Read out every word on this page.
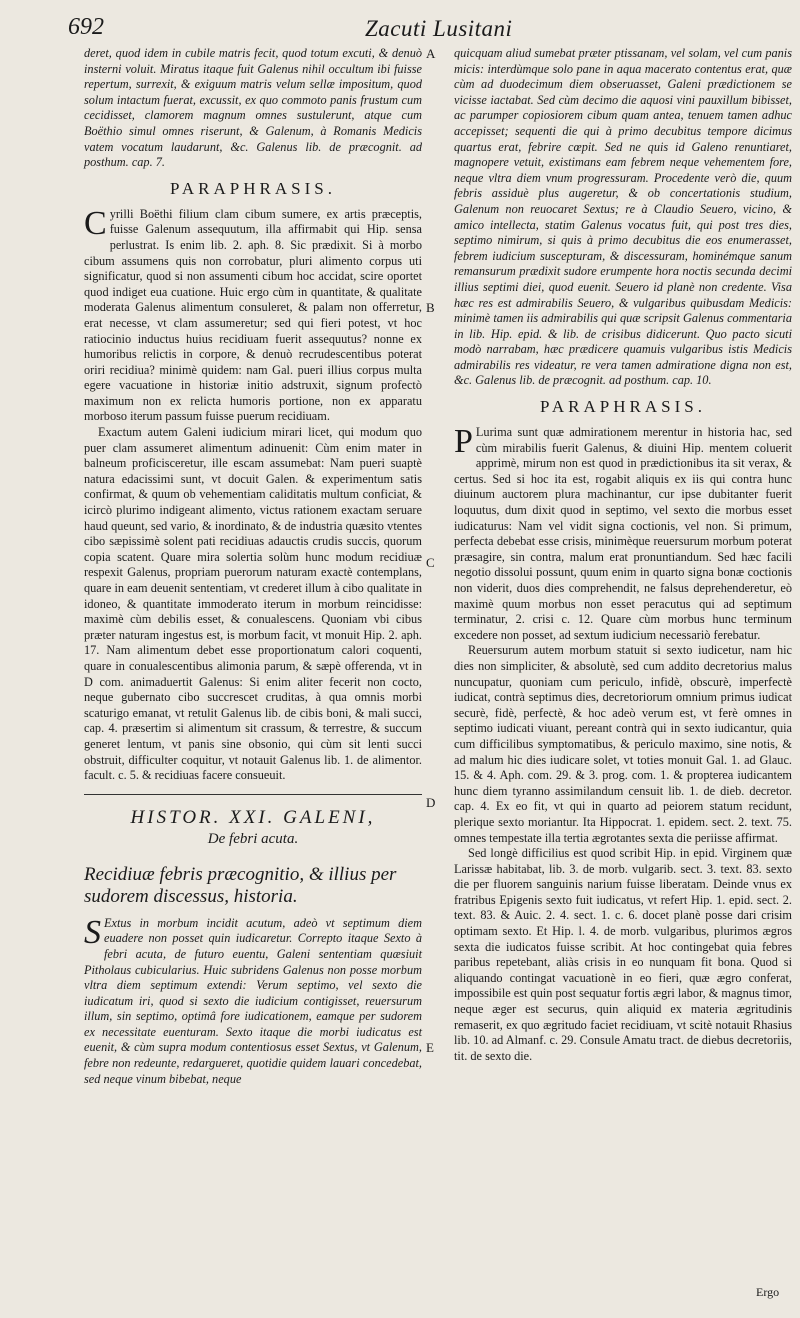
692	Zacuti Lusitani

deret, quod idem in cubile matris fecit, quod totum excuti, & denuò insterni voluit. Miratus itaque fuit Galenus nihil occultum ibi fuisse repertum, surrexit, & exiguum matris velum sellæ impositum, quod solum intactum fuerat, excussit, ex quo commoto panis frustum cum cecidisset, clamorem magnum omnes sustulerunt, atque cum Boëthio simul omnes riserunt, & Galenum, à Romanis Medicis vatem vocatum laudarunt, &c. Galenus lib. de præcognit. ad posthum. cap. 7.

PARAPHRASIS.

Cyrilli Boëthi filium clam cibum sumere, ex artis præceptis, fuisse Galenum assequutum, illa affirmabit qui Hip. sensa perlustrat. Is enim lib. 2. aph. 8. Sic prædixit. Si à morbo cibum assumens quis non corrobatur, pluri alimento corpus uti significatur, quod si non assumenti cibum hoc accidat, scire oportet quod indiget eua cuatione. Huic ergo cùm in quantitate, & qualitate moderata Galenus alimentum consuleret, & palam non offerretur, erat necesse, vt clam assumeretur; sed qui fieri potest, vt hoc ratiocinio inductus huius recidiuam fuerit assequutus? nonne ex humoribus relictis in corpore, & denuò recrudescentibus poterat oriri recidiua? minimè quidem: nam Gal. pueri illius corpus multa egere vacuatione in historiæ initio adstruxit, signum profectò maximum non ex relicta humoris portione, non ex apparatu morboso iterum passum fuisse puerum recidiuam.

Exactum autem Galeni iudicium mirari licet, qui modum quo puer clam assumeret alimentum adinuenit: Cùm enim mater in balneum proficisceretur, ille escam assumebat: Nam pueri suaptè natura edacissimi sunt, vt docuit Galen. & experimentum satis confirmat, & quum ob vehementiam caliditatis multum conficiat, & icircò plurimo indigeant alimento, victus rationem exactam seruare haud queunt, sed vario, & inordinato, & de industria quæsito vtentes cibo sæpissimè solent pati recidiuas adauctis crudis succis, quorum copia scatent. Quare mira solertia solùm hunc modum recidiuæ respexit Galenus, propriam puerorum naturam exactè contemplans, quare in eam deuenit sententiam, vt crederet illum à cibo qualitate in idoneo, & quantitate immoderato iterum in morbum reincidisse: maximè cùm debilis esset, & conualescens. Quoniam vbi cibus præter naturam ingestus est, is morbum facit, vt monuit Hip. 2. aph. 17. Nam alimentum debet esse proportionatum calori coquenti, quare in conualescentibus alimonia parum, & sæpè offerenda, vt in D com. animaduertit Galenus: Si enim aliter fecerit non cocto, neque gubernato cibo succrescet cruditas, à qua omnis morbi scaturigo emanat, vt retulit Galenus lib. de cibis boni, & mali succi, cap. 4. præsertim si alimentum sit crassum, & terrestre, & succum generet lentum, vt panis sine obsonio, qui cùm sit lenti succi obstruit, difficulter coquitur, vt notauit Galenus lib. 1. de alimentor. facult. c. 5. & recidiuas facere consueuit.

HISTOR. XXI. GALENI,
De febri acuta.
Recidiuæ febris præcognitio, & illius per sudorem discessus, historia.

S Extus in morbum incidit acutum, adeò vt septimum diem euadere non posset quin iudicaretur. Correpto itaque Sexto à febri acuta, de futuro euentu, Galeni sententiam quæsiuit Pitholaus cubicularius. Huic subridens Galenus non posse morbum vltra diem septimum extendi: Verum septimo, vel sexto die iudicatum iri, quod si sexto die iudicium contigisset, reuersurum illum, sin septimo, optimâ fore iudicationem, eamque per sudorem ex necessitate euenturam. Sexto itaque die morbi iudicatus est euenit, & cùm supra modum contentiosus esset Sextus, vt Galenum, febre non redeunte, redargueret, quotidie quidem lauari concedebat, sed neque vinum bibebat, neque

quicquam aliud sumebat præter ptissanam, vel solam, vel cum panis micis: interdùmque solo pane in aqua macerato contentus erat, quæ cùm ad duodecimum diem obseruasset, Galeni prædictionem se vicisse iactabat. Sed cùm decimo die aquosi vini pauxillum bibisset, ac parumper copiosiorem cibum quam antea, tenuem tamen adhuc accepisset; sequenti die qui à primo decubitus tempore dicimus quartus erat, febrire cœpit. Sed ne quis id Galeno renuntiaret, magnopere vetuit, existimans eam febrem neque vehementem fore, neque vltra diem vnum progressuram. Procedente verò die, quum febris assiduè plus augeretur, & ob concertationis studium, Galenum non reuocaret Sextus; re à Claudio Seuero, vicino, & amico intellecta, statim Galenus vocatus fuit, qui post tres dies, septimo nimirum, si quis à primo decubitus die eos enumerasset, febrem iudicium suscepturam, & discessuram, hominémque sanum remansurum prædixit sudore erumpente hora noctis secunda decimi illius septimi diei, quod euenit. Seuero id planè non credente. Visa hæc res est admirabilis Seuero, & vulgaribus quibusdam Medicis: minimè tamen iis admirabilis qui quæ scripsit Galenus commentaria in lib. Hip. epid. & lib. de crisibus didicerunt. Quo pacto sicuti modò narrabam, hæc prædicere quamuis vulgaribus istis Medicis admirabilis res videatur, re vera tamen admiratione digna non est, &c. Galenus lib. de præcognit. ad posthum. cap. 10.

PARAPHRASIS.

P Lurima sunt quæ admirationem merentur in historia hac, sed cùm mirabilis fuerit Galenus, & diuini Hip. mentem coluerit apprimè, mirum non est quod in prædictionibus ita sit verax, & certus. Sed si hoc ita est, rogabit aliquis ex iis qui contra hunc diuinum auctorem plura machinantur, cur ipse dubitanter fuerit loquutus, dum dixit quod in septimo, vel sexto die morbus esset iudicaturus: Nam vel vidit signa coctionis, vel non. Si primum, perfecta debebat esse crisis, minimèque reuersurum morbum poterat præsagire, sin contra, malum erat pronuntiandum. Sed hæc facili negotio dissolui possunt, quum enim in quarto signa bonæ coctionis non viderit, duos dies comprehendit, ne falsus deprehenderetur, eò maximè quum morbus non esset peracutus qui ad septimum terminatur, 2. crisi c. 12. Quare cùm morbus hunc terminum excedere non posset, ad sextum iudicium necessariò ferebatur.

Reuersurum autem morbum statuit si sexto iudicetur, nam hic dies non simpliciter, & absolutè, sed cum addito decretorius malus nuncupatur, quoniam cum periculo, infidè, obscurè, imperfectè iudicat, contrà septimus dies, decretoriorum omnium primus iudicat securè, fidè, perfectè, & hoc adeò verum est, vt ferè omnes in septimo iudicati viuant, pereant contrà qui in sexto iudicantur, quia cum difficilibus symptomatibus, & periculo maximo, sine notis, & ad malum hic dies iudicare solet, vt toties monuit Gal. 1. ad Glauc. 15. & 4. Aph. com. 29. & 3. prog. com. 1. & propterea iudicantem hunc diem tyranno assimilandum censuit lib. 1. de dieb. decretor. cap. 4. Ex eo fit, vt qui in quarto ad peiorem statum recidunt, plerique sexto moriantur. Ita Hippocrat. 1. epidem. sect. 2. text. 75. omnes tempestate illa tertia ægrotantes sexta die periisse affirmat.

Sed longè difficilius est quod scribit Hip. in epid. Virginem quæ Larissæ habitabat, lib. 3. de morb. vulgarib. sect. 3. text. 83. sexto die per fluorem sanguinis narium fuisse liberatam. Deinde vnus ex fratribus Epigenis sexto fuit iudicatus, vt refert Hip. 1. epid. sect. 2. text. 83. & Auic. 2. 4. sect. 1. c. 6. docet planè posse dari crisim optimam sexto. Et Hip. l. 4. de morb. vulgaribus, plurimos ægros sexta die iudicatos fuisse scribit. At hoc contingebat quia febres paribus repetebant, aliàs crisis in eo nunquam fit bona. Quod si aliquando contingat vacuationè in eo fieri, quæ ægro conferat, impossibile est quin post sequatur fortis ægri labor, & magnus timor, neque æger est securus, quin aliquid ex materia ægritudinis remaserit, ex quo ægritudo faciet recidiuam, vt scitè notauit Rhasius lib. 10. ad Almanf. c. 29. Consule Amatu tract. de diebus decretoriis, tit. de sexto die.

A
B
C
D
E
Ergo
